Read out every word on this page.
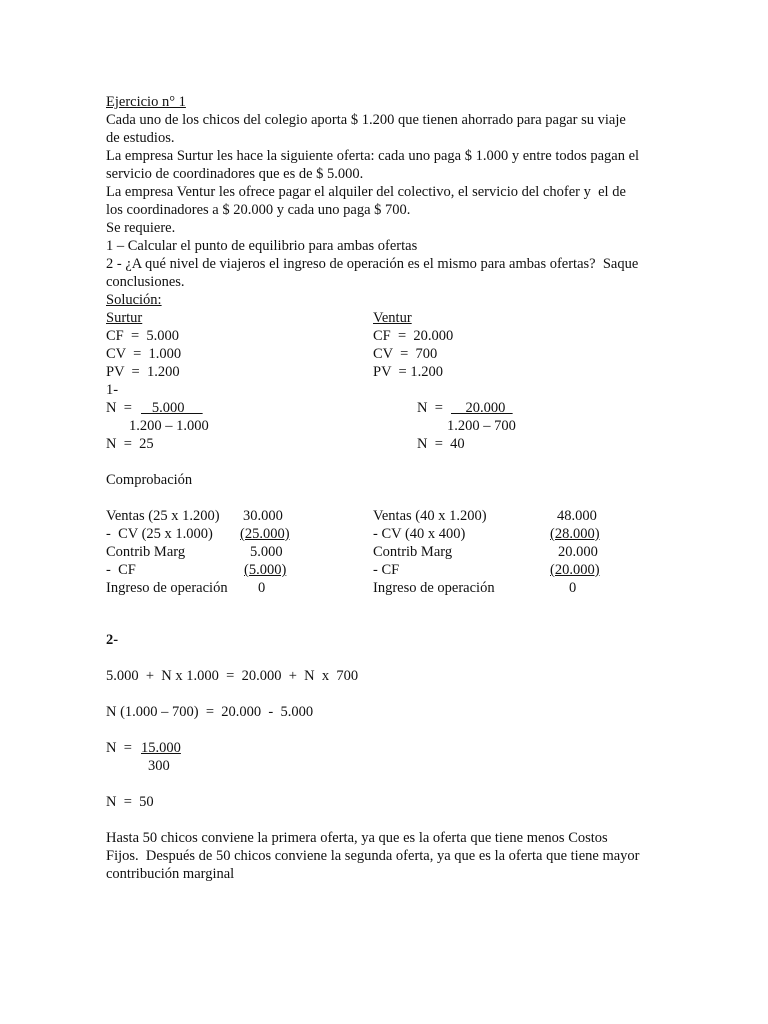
Ejercicio n° 1
Cada uno de los chicos del colegio aporta $ 1.200 que tienen ahorrado para pagar su viaje
de estudios.
La empresa Surtur les hace la siguiente oferta: cada uno paga $ 1.000 y entre todos pagan el
servicio de coordinadores que es de $ 5.000.
La empresa Ventur les ofrece pagar el alquiler del colectivo, el servicio del chofer y  el de
los coordinadores a $ 20.000 y cada uno paga $ 700.
Se requiere.
1 – Calcular el punto de equilibrio para ambas ofertas
2 - ¿A qué nivel de viajeros el ingreso de operación es el mismo para ambas ofertas?  Saque
conclusiones.
Solución:
Surtur
CF  =  5.000
CV  =  1.000
PV  =  1.200
1-
N  = 5.000
1.200 – 1.000
N  =  25
Ventur
CF  =  20.000
CV  =  700
PV  = 1.200
N  = 20.000
1.200 – 700
N  =  40
Comprobación
Ventas (25 x 1.200) 30.000
-  CV (25 x 1.000) (25.000)
Contrib Marg	5.000
-  CF	(5.000)
Ingreso de operación 0
Ventas (40 x 1.200)	48.000
- CV (40 x 400)	(28.000)
Contrib Marg	20.000
- CF	(20.000)
Ingreso de operación	0
2-
5.000  +  N x 1.000  =  20.000  +  N  x  700
N (1.000 – 700)  =  20.000  -  5.000
N  = 15.000
300
N  =  50
Hasta 50 chicos conviene la primera oferta, ya que es la oferta que tiene menos Costos
Fijos.  Después de 50 chicos conviene la segunda oferta, ya que es la oferta que tiene mayor
contribución marginal
